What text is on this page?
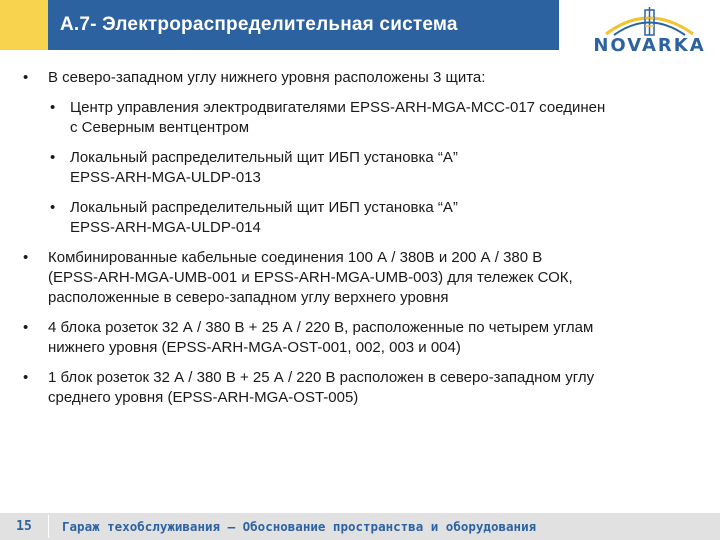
А.7- Электрораспределительная система
NOVARKA
• В северо-западном углу нижнего уровня расположены 3 щита:
• Центр управления электродвигателями EPSS-ARH-MGA-MCC-017 соединен
с Северным вентцентром
• Локальный распределительный щит ИБП установка “А”
EPSS-ARH-MGA-ULDP-013
• Локальный распределительный щит ИБП установка “А”
EPSS-ARH-MGA-ULDP-014
• Комбинированные кабельные соединения 100 А / 380В и 200 А / 380 В
(EPSS-ARH-MGA-UMB-001 и EPSS-ARH-MGA-UMB-003) для тележек СОК,
расположенные в северо-западном углу верхнего уровня
• 4 блока розеток 32 А / 380 В + 25 А / 220 В, расположенные по четырем углам
нижнего уровня (EPSS-ARH-MGA-OST-001, 002, 003 и 004)
• 1 блок розеток 32 А / 380 В + 25 А / 220 В расположен в северо-западном углу
среднего уровня (EPSS-ARH-MGA-OST-005)
15	Гараж техобслуживания – Обоснование пространства и оборудования
